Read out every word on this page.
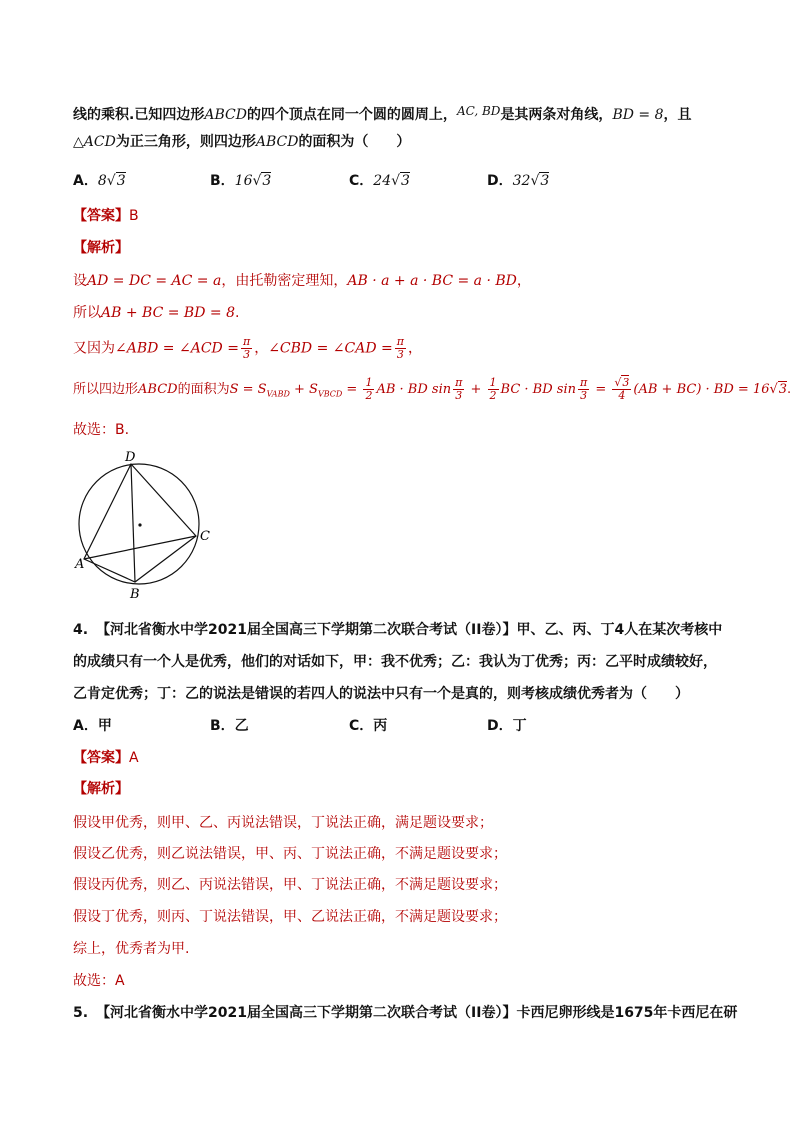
线的乘积.已知四边形ABCD的四个顶点在同一个圆的圆周上，AC, BD是其两条对角线，BD = 8，且
△ACD为正三角形，则四边形ABCD的面积为（　　）
A．8√3	B．16√3	C．24√3	D．32√3
【答案】B
【解析】
设AD = DC = AC = a，由托勒密定理知，AB · a + a · BC = a · BD，
所以AB + BC = BD = 8.
又因为∠ABD = ∠ACD = $\frac{\pi}{3}$ ，∠CBD = ∠CAD = $\frac{\pi}{3}$ ，
所以四边形ABCD的面积为$S = S_{VABD} + S_{VBCD} = \frac{1}{2}$ AB · BD $\sin \frac{\pi}{3} + \frac{1}{2}$ BC · BD $\sin \frac{\pi}{3} = \frac{√3}{4} (AB + BC)$ · BD = 16√3.
故选：B.
D
C
A
B
4. 【河北省衡水中学2021届全国高三下学期第二次联合考试（II卷）】甲、乙、丙、丁4人在某次考核中
的成绩只有一个人是优秀，他们的对话如下，甲：我不优秀；乙：我认为丁优秀；丙：乙平时成绩较好，
乙肯定优秀；丁：乙的说法是错误的若四人的说法中只有一个是真的，则考核成绩优秀者为（　　）
A．甲	B．乙	C．丙	D．丁
【答案】A
【解析】
假设甲优秀，则甲、乙、丙说法错误，丁说法正确，满足题设要求；
假设乙优秀，则乙说法错误，甲、丙、丁说法正确，不满足题设要求；
假设丙优秀，则乙、丙说法错误，甲、丁说法正确，不满足题设要求；
假设丁优秀，则丙、丁说法错误，甲、乙说法正确，不满足题设要求；
综上，优秀者为甲.
故选：A
5. 【河北省衡水中学2021届全国高三下学期第二次联合考试（II卷）】卡西尼卵形线是1675年卡西尼在研
